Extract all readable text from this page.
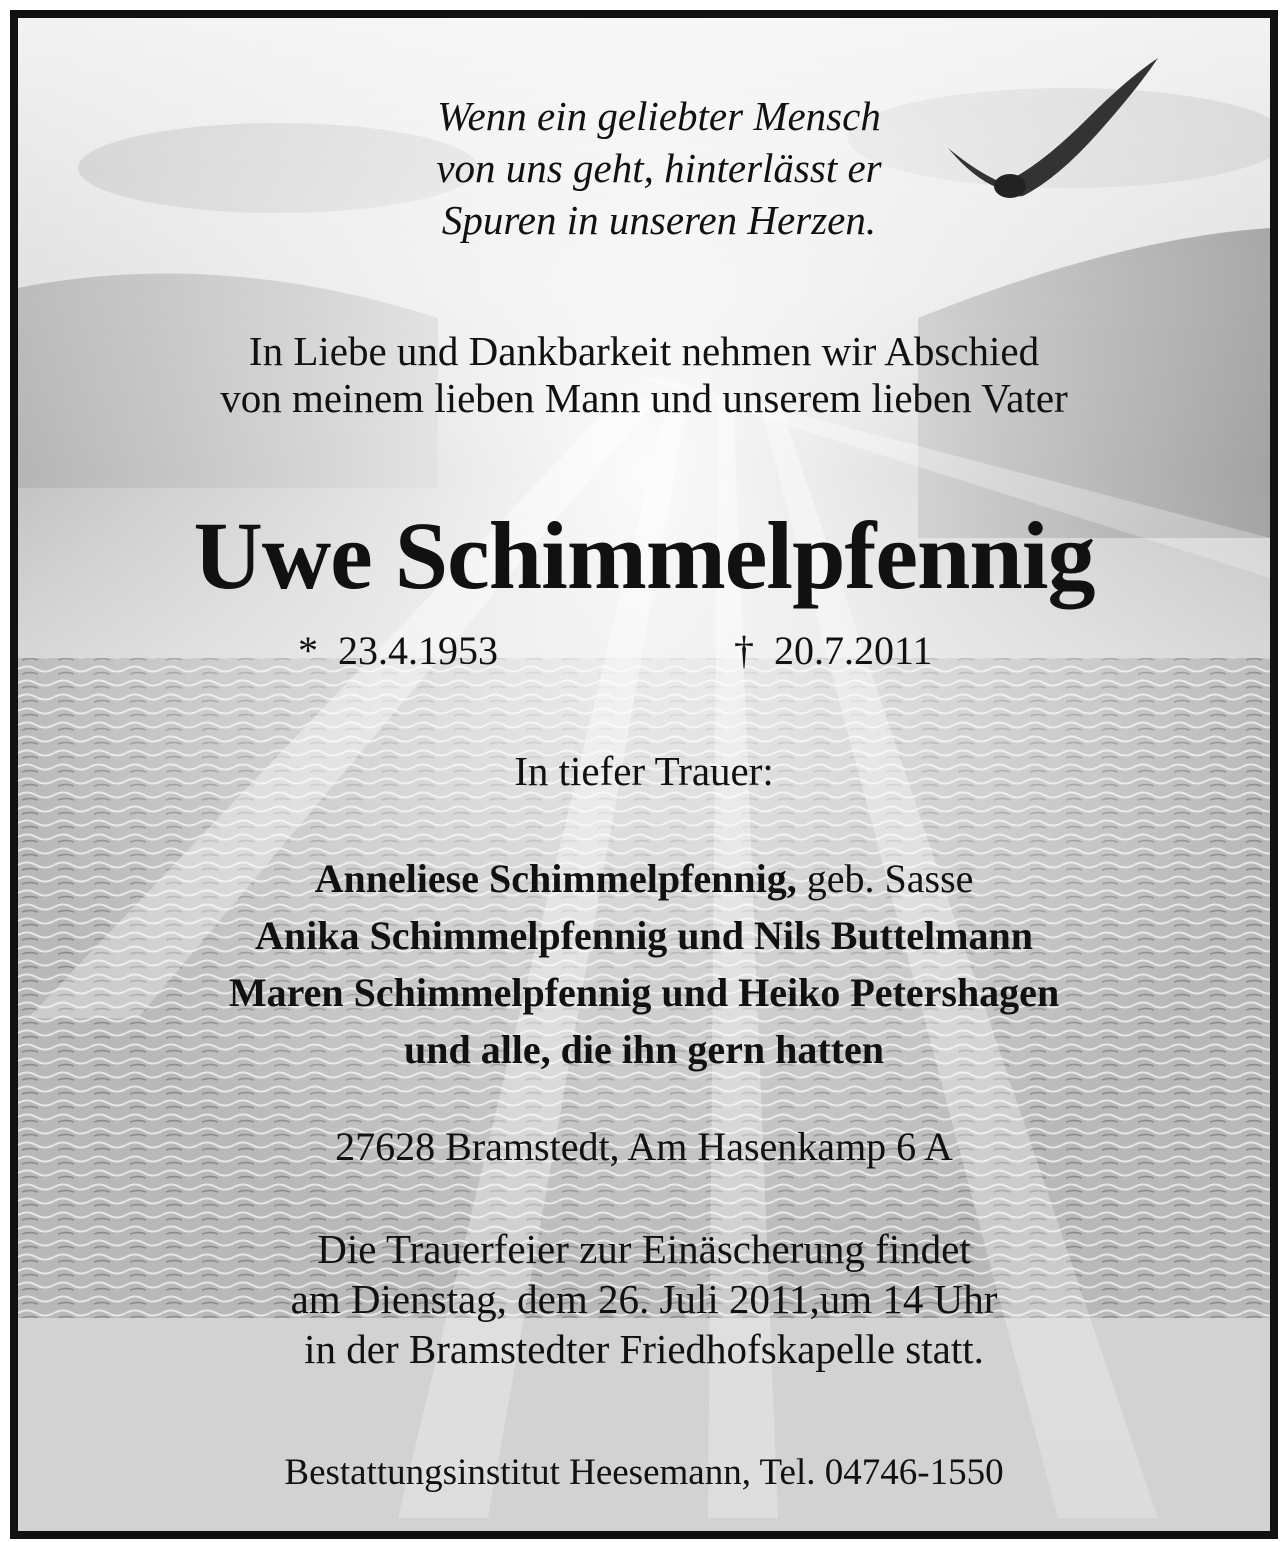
Wenn ein geliebter Mensch
von uns geht, hinterlässt er
Spuren in unseren Herzen.
In Liebe und Dankbarkeit nehmen wir Abschied
von meinem lieben Mann und unserem lieben Vater
Uwe Schimmelpfennig
* 23.4.1953	† 20.7.2011
In tiefer Trauer:
Anneliese Schimmelpfennig, geb. Sasse
Anika Schimmelpfennig und Nils Buttelmann
Maren Schimmelpfennig und Heiko Petershagen
und alle, die ihn gern hatten
27628 Bramstedt, Am Hasenkamp 6 A
Die Trauerfeier zur Einäscherung findet
am Dienstag, dem 26. Juli 2011,um 14 Uhr
in der Bramstedter Friedhofskapelle statt.
Bestattungsinstitut Heesemann, Tel. 04746-1550
